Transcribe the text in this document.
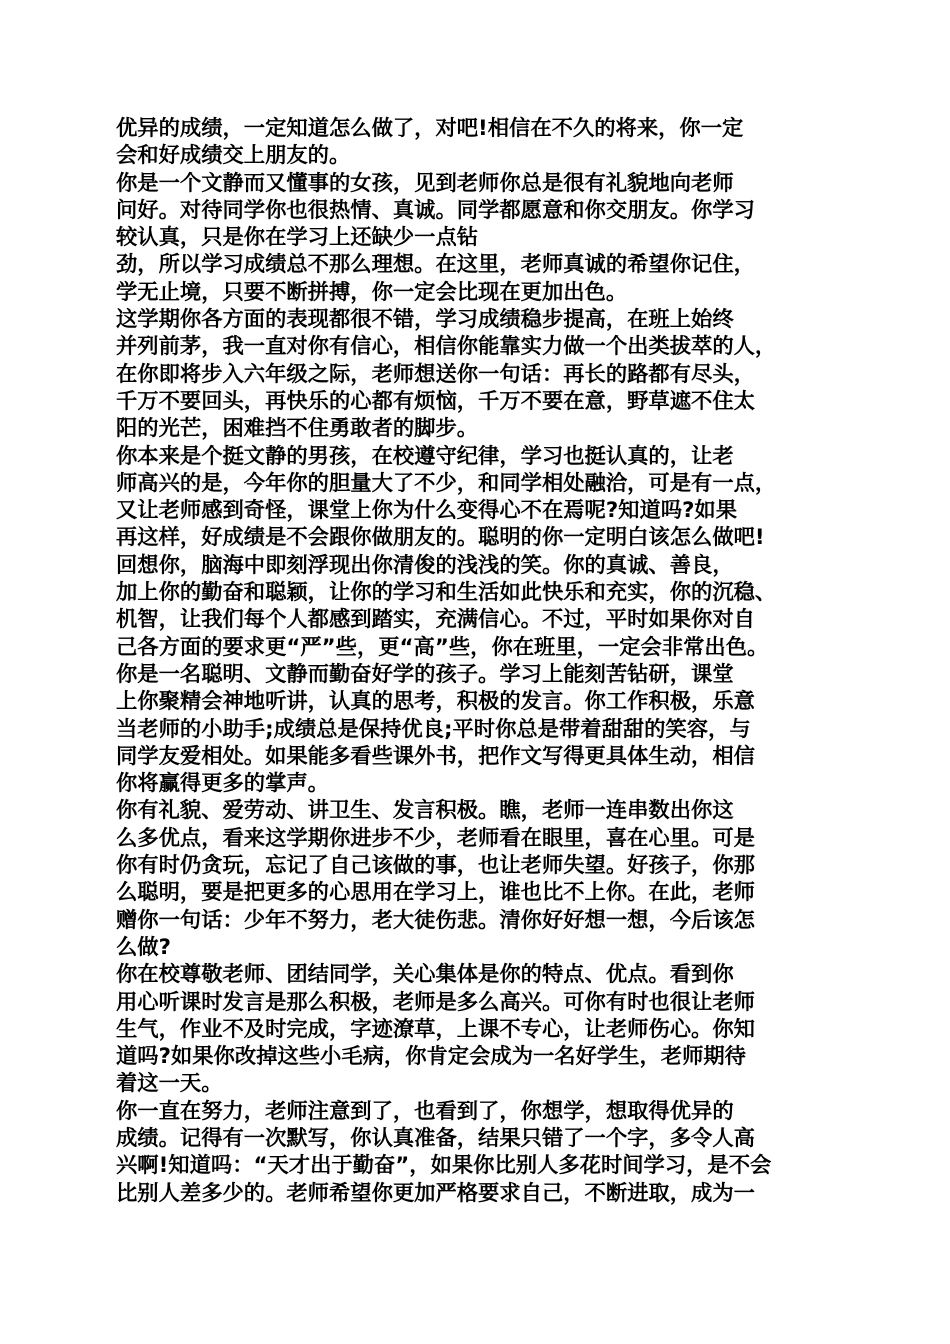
优异的成绩，一定知道怎么做了，对吧!相信在不久的将来，你一定
会和好成绩交上朋友的。
你是一个文静而又懂事的女孩，见到老师你总是很有礼貌地向老师
问好。对待同学你也很热情、真诚。同学都愿意和你交朋友。你学习
较认真，只是你在学习上还缺少一点钻
劲，所以学习成绩总不那么理想。在这里，老师真诚的希望你记住，
学无止境，只要不断拼搏，你一定会比现在更加出色。
这学期你各方面的表现都很不错，学习成绩稳步提高，在班上始终
并列前茅，我一直对你有信心，相信你能靠实力做一个出类拔萃的人，
在你即将步入六年级之际，老师想送你一句话：再长的路都有尽头，
千万不要回头，再快乐的心都有烦恼，千万不要在意，野草遮不住太
阳的光芒，困难挡不住勇敢者的脚步。
你本来是个挺文静的男孩，在校遵守纪律，学习也挺认真的，让老
师高兴的是，今年你的胆量大了不少，和同学相处融洽，可是有一点，
又让老师感到奇怪，课堂上你为什么变得心不在焉呢?知道吗?如果
再这样，好成绩是不会跟你做朋友的。聪明的你一定明白该怎么做吧!
回想你，脑海中即刻浮现出你清俊的浅浅的笑。你的真诚、善良，
加上你的勤奋和聪颖，让你的学习和生活如此快乐和充实，你的沉稳、
机智，让我们每个人都感到踏实，充满信心。不过，平时如果你对自
己各方面的要求更“严”些，更“高”些，你在班里，一定会非常出色。
你是一名聪明、文静而勤奋好学的孩子。学习上能刻苦钻研，课堂
上你聚精会神地听讲，认真的思考，积极的发言。你工作积极，乐意
当老师的小助手;成绩总是保持优良;平时你总是带着甜甜的笑容，与
同学友爱相处。如果能多看些课外书，把作文写得更具体生动，相信
你将赢得更多的掌声。
你有礼貌、爱劳动、讲卫生、发言积极。瞧，老师一连串数出你这
么多优点，看来这学期你进步不少，老师看在眼里，喜在心里。可是
你有时仍贪玩，忘记了自己该做的事，也让老师失望。好孩子，你那
么聪明，要是把更多的心思用在学习上，谁也比不上你。在此，老师
赠你一句话：少年不努力，老大徒伤悲。清你好好想一想，今后该怎
么做?
你在校尊敬老师、团结同学，关心集体是你的特点、优点。看到你
用心听课时发言是那么积极，老师是多么高兴。可你有时也很让老师
生气，作业不及时完成，字迹潦草，上课不专心，让老师伤心。你知
道吗?如果你改掉这些小毛病，你肯定会成为一名好学生，老师期待
着这一天。
你一直在努力，老师注意到了，也看到了，你想学，想取得优异的
成绩。记得有一次默写，你认真准备，结果只错了一个字，多令人高
兴啊!知道吗：“天才出于勤奋”，如果你比别人多花时间学习，是不会
比别人差多少的。老师希望你更加严格要求自己，不断进取，成为一
